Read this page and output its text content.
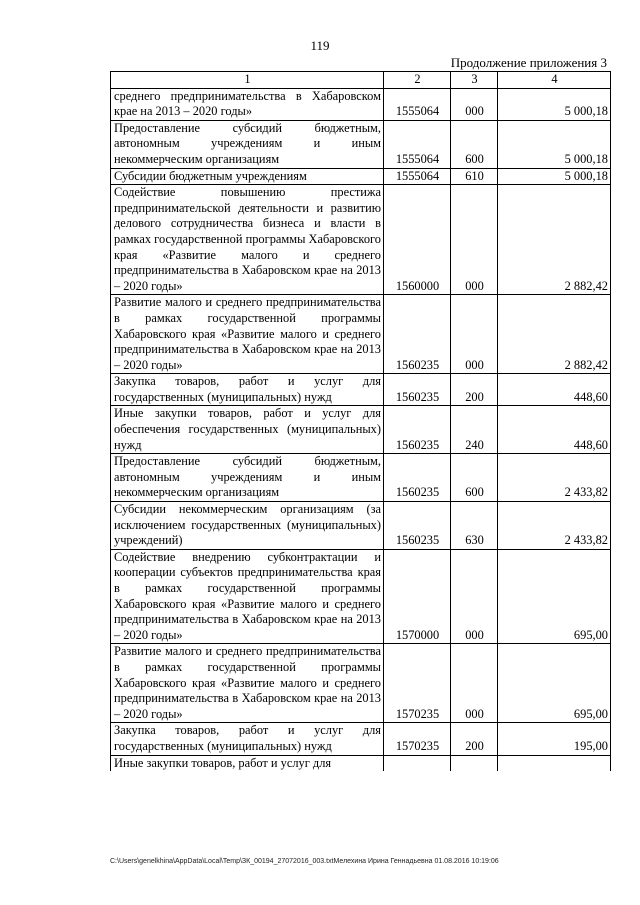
119
Продолжение приложения 3
1	2	3	4
среднего предпринимательства в Хабаровском крае на 2013 – 2020 годы»	1555064	000	5 000,18
Предоставление субсидий бюджетным, автономным учреждениям и иным некоммерческим организациям	1555064	600	5 000,18
Субсидии бюджетным учреждениям	1555064	610	5 000,18
Содействие повышению престижа предпринимательской деятельности и развитию делового сотрудничества бизнеса и власти в рамках государственной программы Хабаровского края «Развитие малого и среднего предпринимательства в Хабаровском крае на 2013 – 2020 годы»	1560000	000	2 882,42
Развитие малого и среднего предпринимательства в рамках государственной программы Хабаровского края «Развитие малого и среднего предпринимательства в Хабаровском крае на 2013 – 2020 годы»	1560235	000	2 882,42
Закупка товаров, работ и услуг для государственных (муниципальных) нужд	1560235	200	448,60
Иные закупки товаров, работ и услуг для обеспечения государственных (муниципальных) нужд	1560235	240	448,60
Предоставление субсидий бюджетным, автономным учреждениям и иным некоммерческим организациям	1560235	600	2 433,82
Субсидии некоммерческим организациям (за исключением государственных (муниципальных) учреждений)	1560235	630	2 433,82
Содействие внедрению субконтрактации и кооперации субъектов предпринимательства края в рамках государственной программы Хабаровского края «Развитие малого и среднего предпринимательства в Хабаровском крае на 2013 – 2020 годы»	1570000	000	695,00
Развитие малого и среднего предпринимательства в рамках государственной программы Хабаровского края «Развитие малого и среднего предпринимательства в Хабаровском крае на 2013 – 2020 годы»	1570235	000	695,00
Закупка товаров, работ и услуг для государственных (муниципальных) нужд	1570235	200	195,00
Иные закупки товаров, работ и услуг для			
C:\Users\genelkhina\AppData\Local\Temp\ЗК_00194_27072016_003.txtМелехина Ирина Геннадьевна 01.08.2016 10:19:06
